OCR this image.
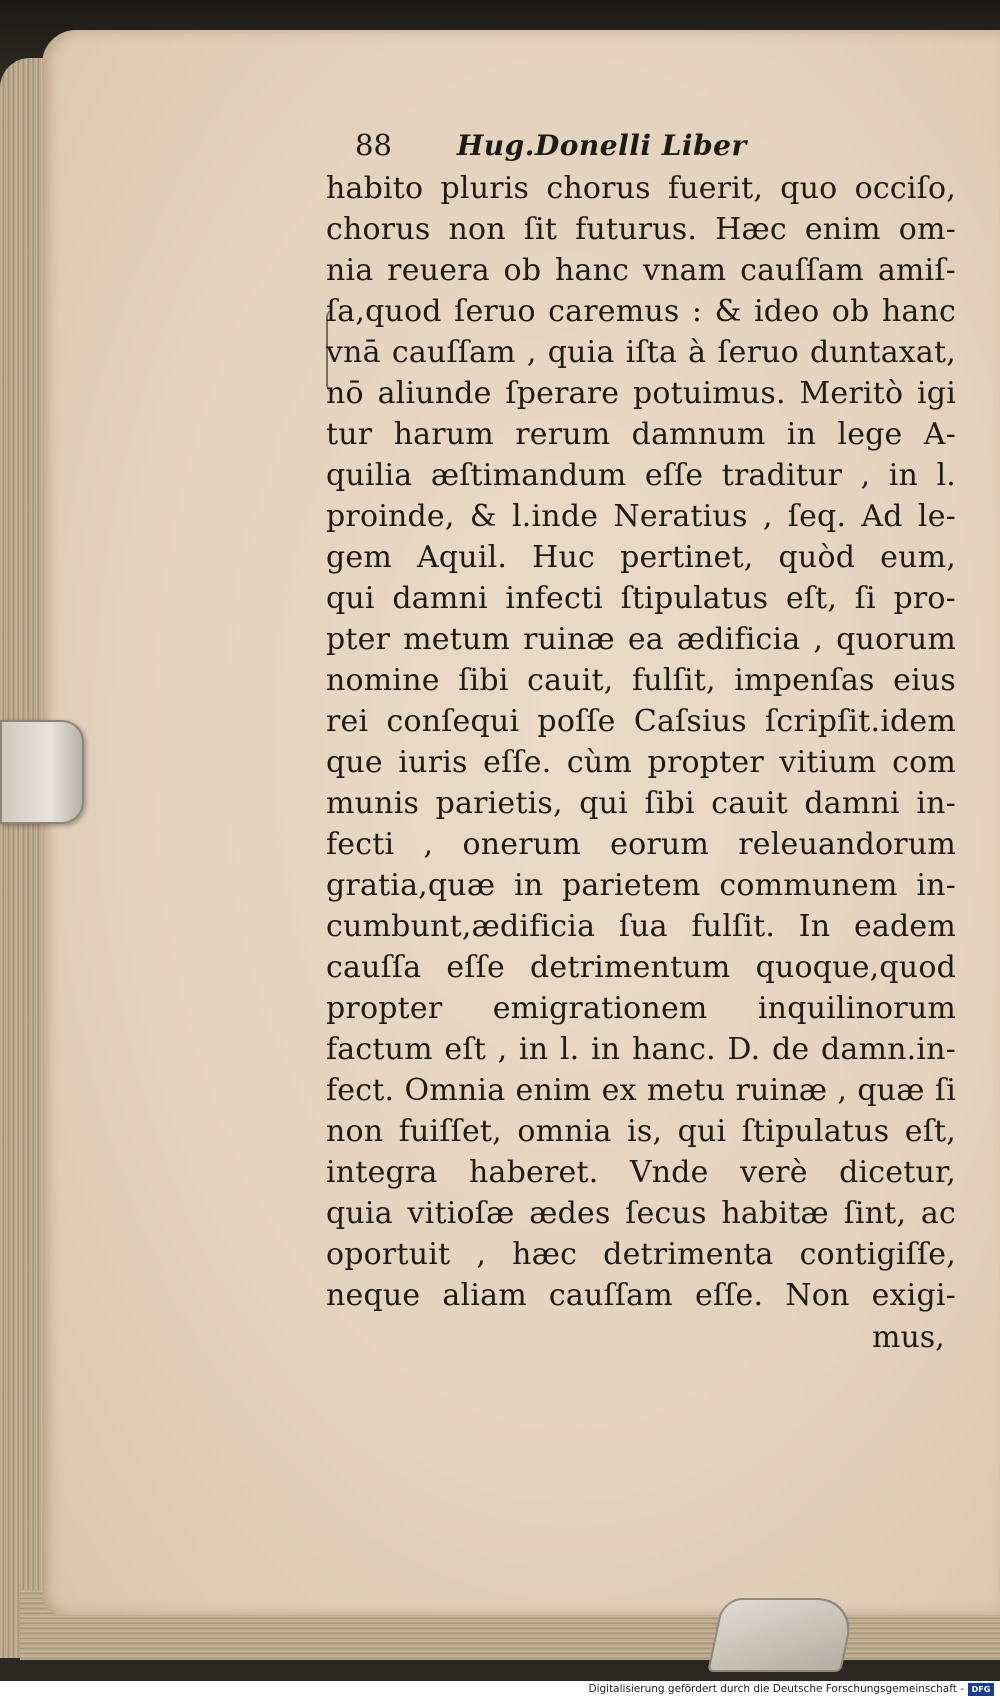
88 Hug.Donelli Liber
habito pluris chorus fuerit, quo occiſo,
chorus non ſit futurus. Hæc enim om-
nia reuera ob hanc vnam cauſſam amiſ-
ſa,quod ſeruo caremus : & ideo ob hanc
vnā cauſſam , quia iſta à ſeruo duntaxat,
nō aliunde ſperare potuimus. Meritò igi
tur harum rerum damnum in lege A-
quilia æſtimandum eſſe traditur , in l.
proinde, & l.inde Neratius , ſeq. Ad le-
gem Aquil. Huc pertinet, quòd eum,
qui damni infecti ſtipulatus eſt, ſi pro-
pter metum ruinæ ea ædificia , quorum
nomine ſibi cauit, fulſit, impenſas eius
rei conſequi poſſe Caſsius ſcripſit.idem
que iuris eſſe. cùm propter vitium com
munis parietis, qui ſibi cauit damni in-
fecti , onerum eorum releuandorum
gratia,quæ in parietem communem in-
cumbunt,ædificia ſua fulſit. In eadem
cauſſa eſſe detrimentum quoque,quod
propter emigrationem inquilinorum
factum eſt , in l. in hanc. D. de damn.in-
fect. Omnia enim ex metu ruinæ , quæ ſi
non fuiſſet, omnia is, qui ſtipulatus eſt,
integra haberet. Vnde verè dicetur,
quia vitioſæ ædes ſecus habitæ ſint, ac
oportuit , hæc detrimenta contigiſſe,
neque aliam cauſſam eſſe. Non exigi-
mus,
Digitalisierung gefördert durch die Deutsche Forschungsgemeinschaft - DFG
